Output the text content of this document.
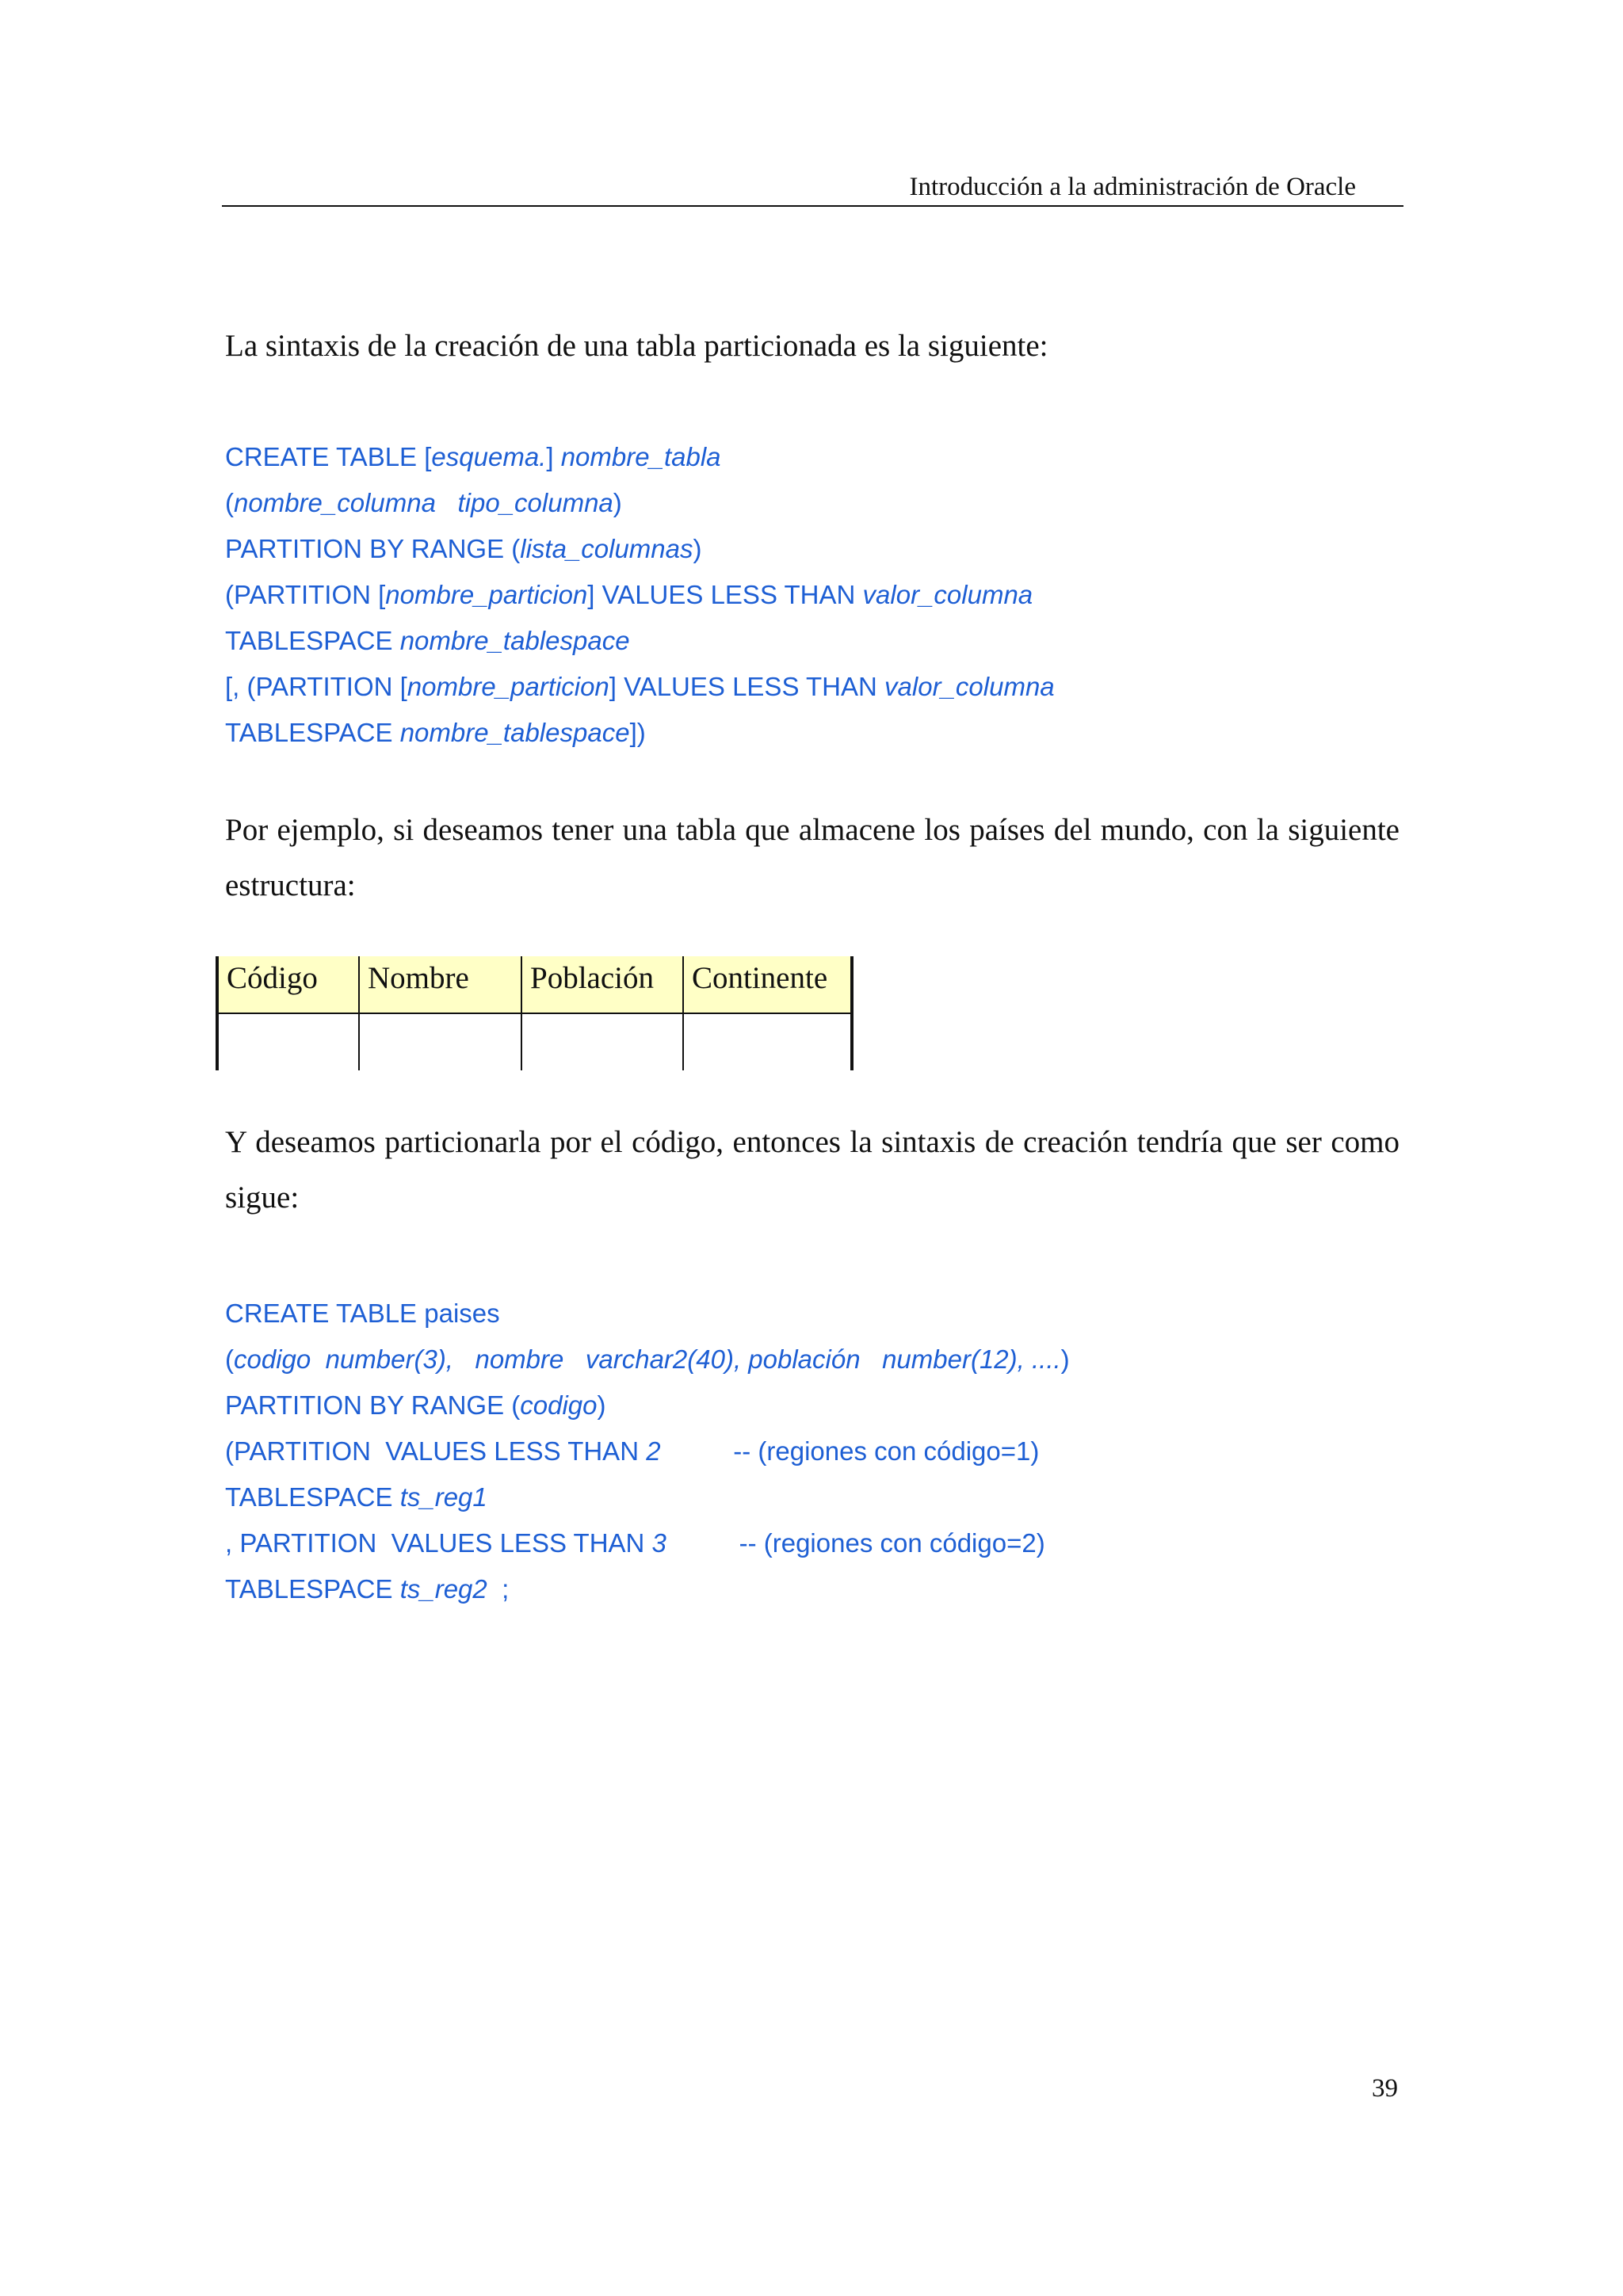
Introducción a la administración de Oracle
La sintaxis de la creación de una tabla particionada es la siguiente:
CREATE TABLE [esquema.] nombre_tabla
(nombre_columna   tipo_columna)
PARTITION BY RANGE (lista_columnas)
(PARTITION [nombre_particion] VALUES LESS THAN valor_columna
TABLESPACE nombre_tablespace
[, (PARTITION [nombre_particion] VALUES LESS THAN valor_columna
TABLESPACE nombre_tablespace])
Por ejemplo, si deseamos tener una tabla que almacene los países del mundo, con la siguiente estructura:
Código	Nombre	Población	Continente

Y deseamos particionarla por el código, entonces la sintaxis de creación tendría que ser como sigue:
CREATE TABLE paises
(codigo  number(3),   nombre   varchar2(40), población   number(12), ....)
PARTITION BY RANGE (codigo)
(PARTITION  VALUES LESS THAN 2          -- (regiones con código=1)
TABLESPACE ts_reg1
, PARTITION  VALUES LESS THAN 3          -- (regiones con código=2)
TABLESPACE ts_reg2  ;
39
